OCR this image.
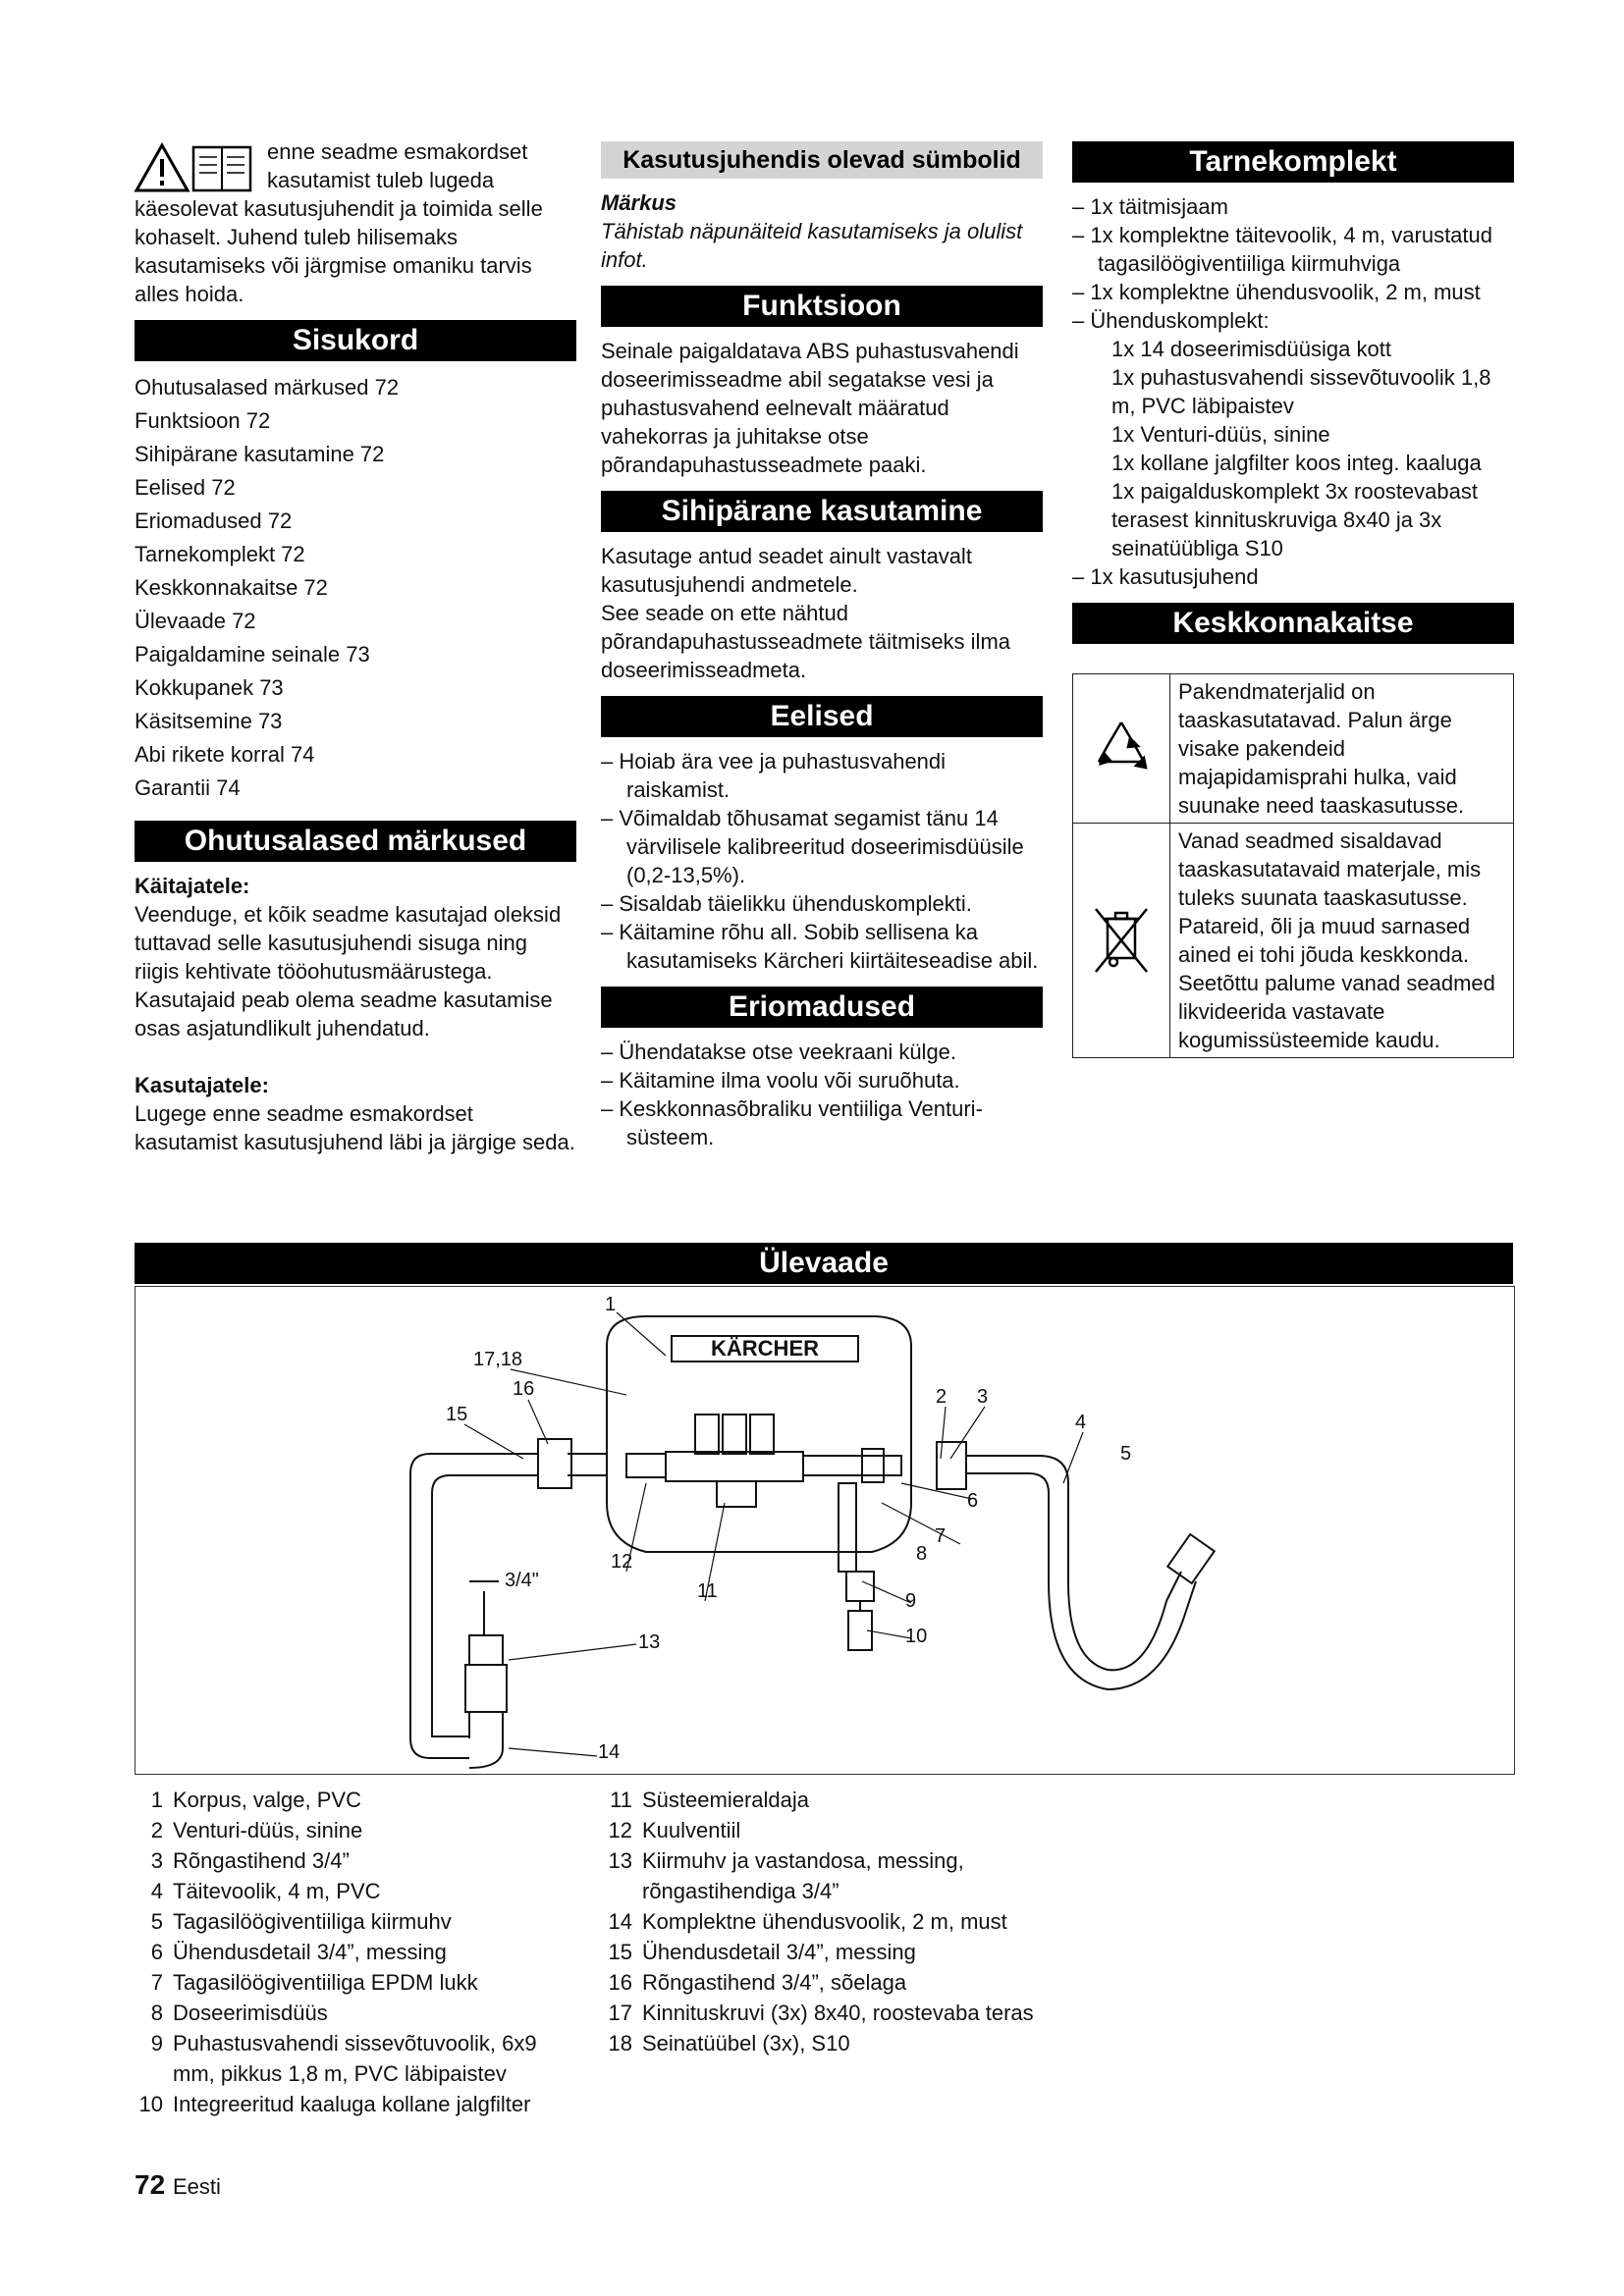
enne seadme esmakordset

kasutamist tuleb lugeda

käesolevat kasutusjuhendit ja toimida selle kohaselt. Juhend tuleb hilisemaks kasutamiseks või järgmise omaniku tarvis alles hoida.

Sisukord

Ohutusalased märkused 72

Funktsioon 72

Sihipärane kasutamine 72

Eelised 72

Eriomadused 72

Tarnekomplekt 72

Keskkonnakaitse 72

Ülevaade 72

Paigaldamine seinale 73

Kokkupanek 73

Käsitsemine 73

Abi rikete korral 74

Garantii 74

Ohutusalased märkused

Käitajatele:

Veenduge, et kõik seadme kasutajad oleksid tuttavad selle kasutusjuhendi sisuga ning riigis kehtivate tööohutusmäärustega. Kasutajaid peab olema seadme kasutamise osas asjatundlikult juhendatud.

Kasutajatele:

Lugege enne seadme esmakordset kasutamist kasutusjuhend läbi ja järgige seda.

Kasutusjuhendis olevad sümbolid

Märkus

Tähistab näpunäiteid kasutamiseks ja olulist infot.

Funktsioon

Seinale paigaldatava ABS puhastusvahendi doseerimisseadme abil segatakse vesi ja puhastusvahend eelnevalt määratud vahekorras ja juhitakse otse põrandapuhastusseadmete paaki.

Sihipärane kasutamine

Kasutage antud seadet ainult vastavalt kasutusjuhendi andmetele.

See seade on ette nähtud põrandapuhastusseadmete täitmiseks ilma doseerimisseadmeta.

Eelised
– Hoiab ära vee ja puhastusvahendi raiskamist.
– Võimaldab tõhusamat segamist tänu 14 värvilisele kalibreeritud doseerimisdüüsile (0,2-13,5%).
– Sisaldab täielikku ühenduskomplekti.
– Käitamine rõhu all. Sobib sellisena ka kasutamiseks Kärcheri kiirtäiteseadise abil.
Eriomadused
– Ühendatakse otse veekraani külge.
– Käitamine ilma voolu või suruõhuta.
– Keskkonnasõbraliku ventiiliga Venturi-süsteem.
Tarnekomplekt
– 1x täitmisjaam
– 1x komplektne täitevoolik, 4 m, varustatud tagasilöögiventiiliga kiirmuhviga
– 1x komplektne ühendusvoolik, 2 m, must
– Ühenduskomplekt:

1x 14 doseerimisdüüsiga kott

1x puhastusvahendi sissevõtuvoolik 1,8 m, PVC läbipaistev

1x Venturi-düüs, sinine

1x kollane jalgfilter koos integ. kaaluga

1x paigalduskomplekt 3x roostevabast terasest kinnituskruviga 8x40 ja 3x seinatüübliga S10

– 1x kasutusjuhend
Keskkonnakaitse
Pakendmaterjalid on taaskasutatavad. Palun ärge visake pakendeid majapidamisprahi hulka, vaid suunake need taaskasutusse.
Vanad seadmed sisaldavad taaskasutatavaid materjale, mis tuleks suunata taaskasutusse. Patareid, õli ja muud sarnased ained ei tohi jõuda keskkonda. Seetõttu palume vanad seadmed likvideerida vastavate kogumissüsteemide kaudu.
Ülevaade
KÄRCHER
1
17,18
16
15
2 3
4
5
6
7
8
9
10
11
12
13
14
3/4"
1 Korpus, valge, PVC
2 Venturi-düüs, sinine
3 Rõngastihend 3/4”
4 Täitevoolik, 4 m, PVC
5 Tagasilöögiventiiliga kiirmuhv
6 Ühendusdetail 3/4”, messing
7 Tagasilöögiventiiliga EPDM lukk
8 Doseerimisdüüs
9 Puhastusvahendi sissevõtuvoolik, 6x9 mm, pikkus 1,8 m, PVC läbipaistev
10 Integreeritud kaaluga kollane jalgfilter
11 Süsteemieraldaja
12 Kuulventiil
13 Kiirmuhv ja vastandosa, messing, rõngastihendiga 3/4”
14 Komplektne ühendusvoolik, 2 m, must
15 Ühendusdetail 3/4”, messing
16 Rõngastihend 3/4”, sõelaga
17 Kinnituskruvi (3x) 8x40, roostevaba teras
18 Seinatüübel (3x), S10
72 Eesti
